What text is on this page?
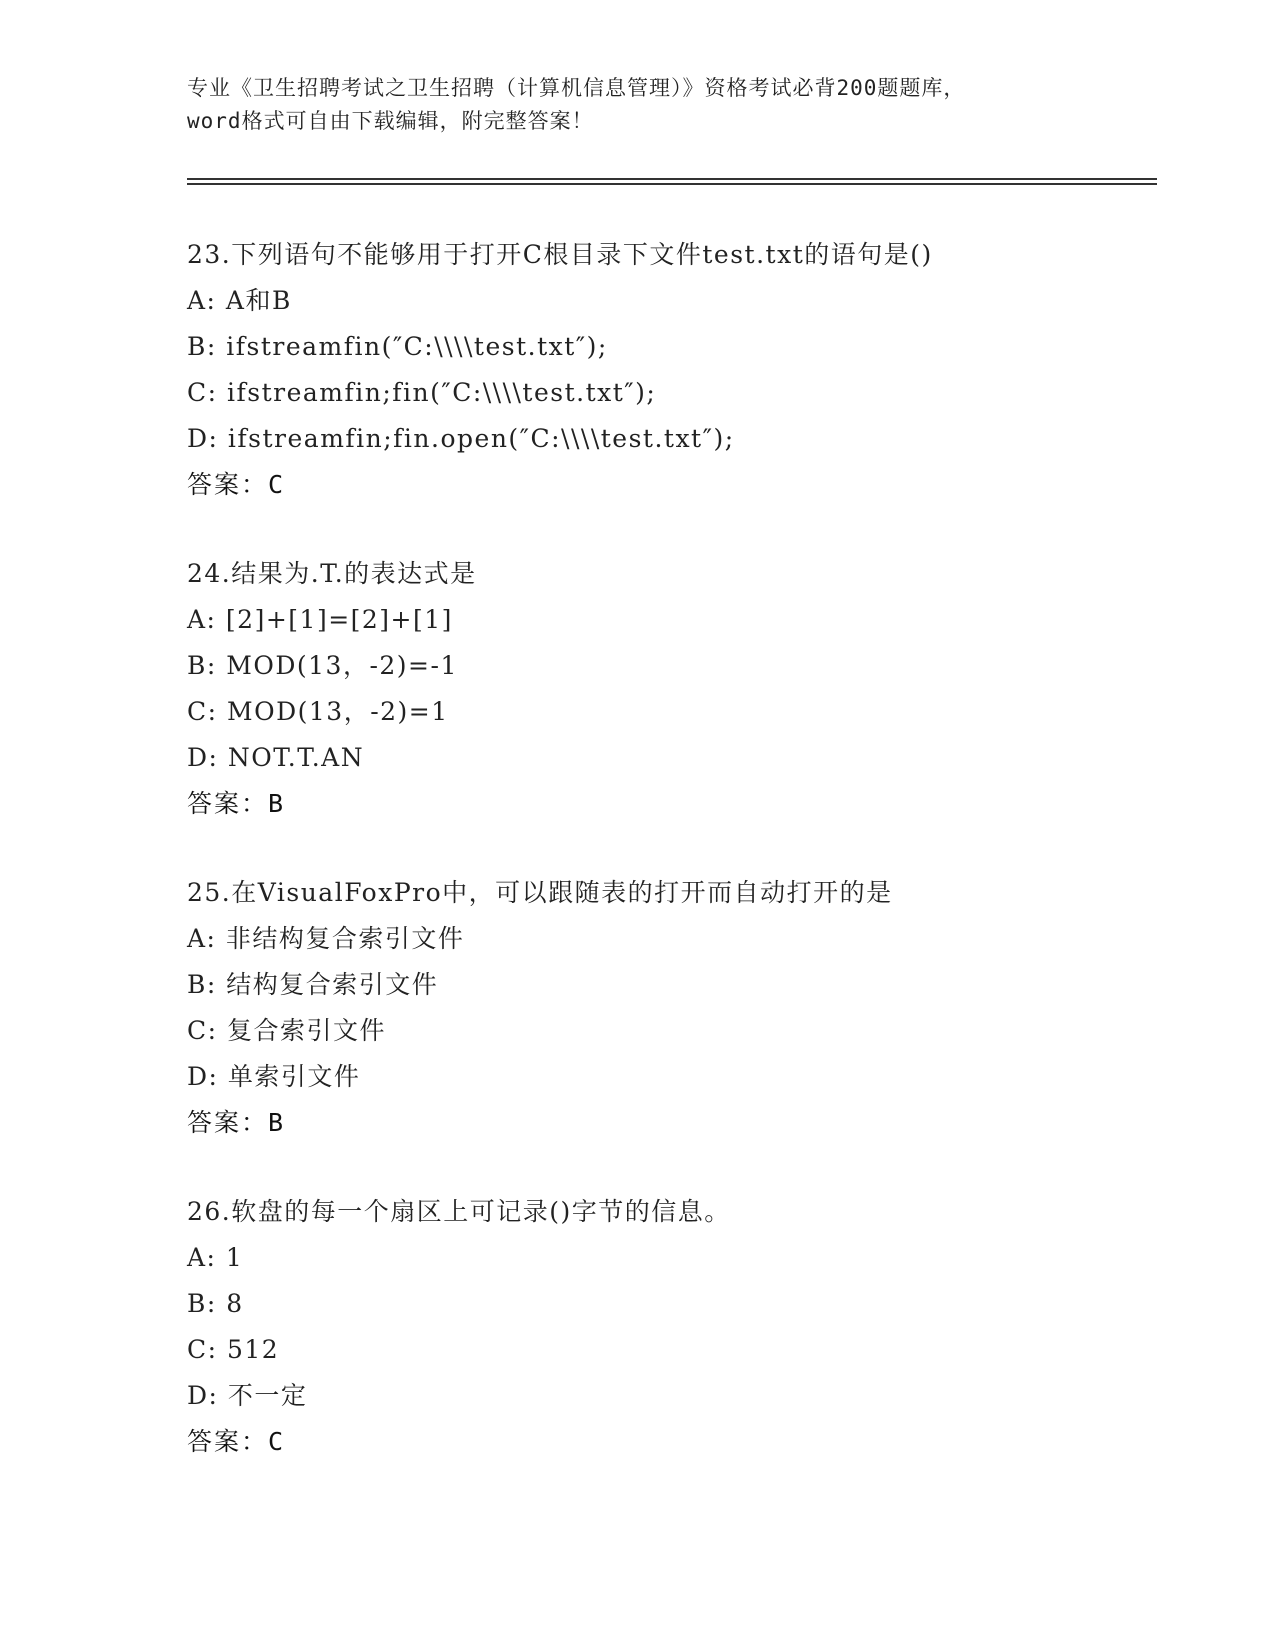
专业《卫生招聘考试之卫生招聘（计算机信息管理）》资格考试必背200题题库，
word格式可自由下载编辑，附完整答案！
23.下列语句不能够用于打开C根目录下文件test.txt的语句是()
A: A和B
B: ifstreamfin(″C:\\\\test.txt″);
C: ifstreamfin;fin(″C:\\\\test.txt″);
D: ifstreamfin;fin.open(″C:\\\\test.txt″);
答案：C
24.结果为.T.的表达式是
A: [2]+[1]=[2]+[1]
B: MOD(13，-2)=-1
C: MOD(13，-2)=1
D: NOT.T.AN
答案：B
25.在VisualFoxPro中，可以跟随表的打开而自动打开的是
A: 非结构复合索引文件
B: 结构复合索引文件
C: 复合索引文件
D: 单索引文件
答案：B
26.软盘的每一个扇区上可记录()字节的信息。
A: 1
B: 8
C: 512
D: 不一定
答案：C
